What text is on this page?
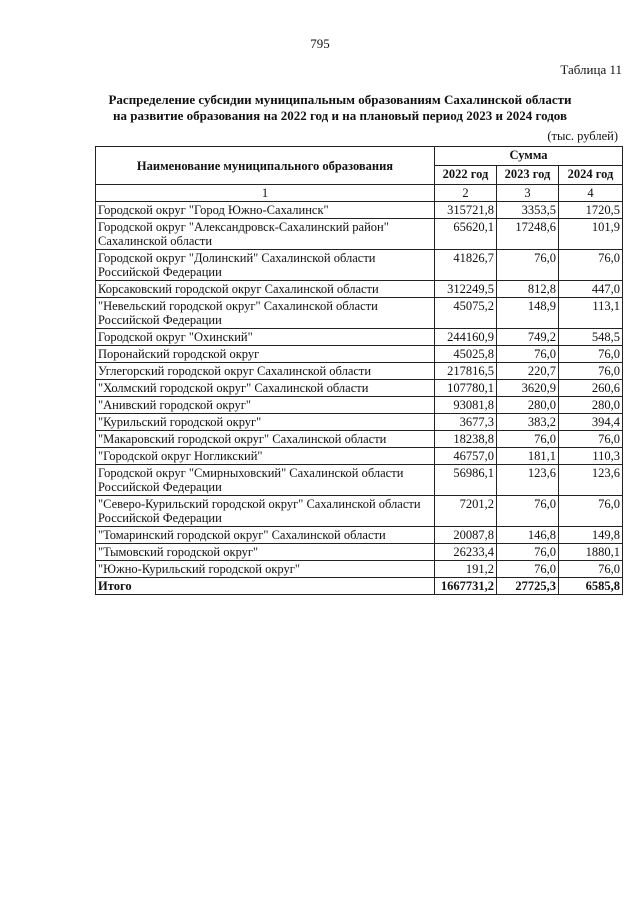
795
Таблица 11
Распределение субсидии муниципальным образованиям Сахалинской области
на развитие образования на 2022 год и на плановый период 2023 и 2024 годов
(тыс. рублей)
Наименование муниципального образования	Сумма		
	2022 год	2023 год	2024 год
1	2	3	4
Городской округ "Город Южно-Сахалинск"	315721,8	3353,5	1720,5
Городской округ "Александровск-Сахалинский район" Сахалинской области	65620,1	17248,6	101,9
Городской округ "Долинский" Сахалинской области Российской Федерации	41826,7	76,0	76,0
Корсаковский городской округ Сахалинской области	312249,5	812,8	447,0
"Невельский городской округ" Сахалинской области Российской Федерации	45075,2	148,9	113,1
Городской округ "Охинский"	244160,9	749,2	548,5
Поронайский городской округ	45025,8	76,0	76,0
Углегорский городской округ Сахалинской области	217816,5	220,7	76,0
"Холмский городской округ" Сахалинской области	107780,1	3620,9	260,6
"Анивский городской округ"	93081,8	280,0	280,0
"Курильский городской округ"	3677,3	383,2	394,4
"Макаровский городской округ" Сахалинской области	18238,8	76,0	76,0
"Городской округ Ногликский"	46757,0	181,1	110,3
Городской округ "Смирныховский" Сахалинской области Российской Федерации	56986,1	123,6	123,6
"Северо-Курильский городской округ" Сахалинской области Российской Федерации	7201,2	76,0	76,0
"Томаринский городской округ" Сахалинской области	20087,8	146,8	149,8
"Тымовский городской округ"	26233,4	76,0	1880,1
"Южно-Курильский городской округ"	191,2	76,0	76,0
Итого	1667731,2	27725,3	6585,8
